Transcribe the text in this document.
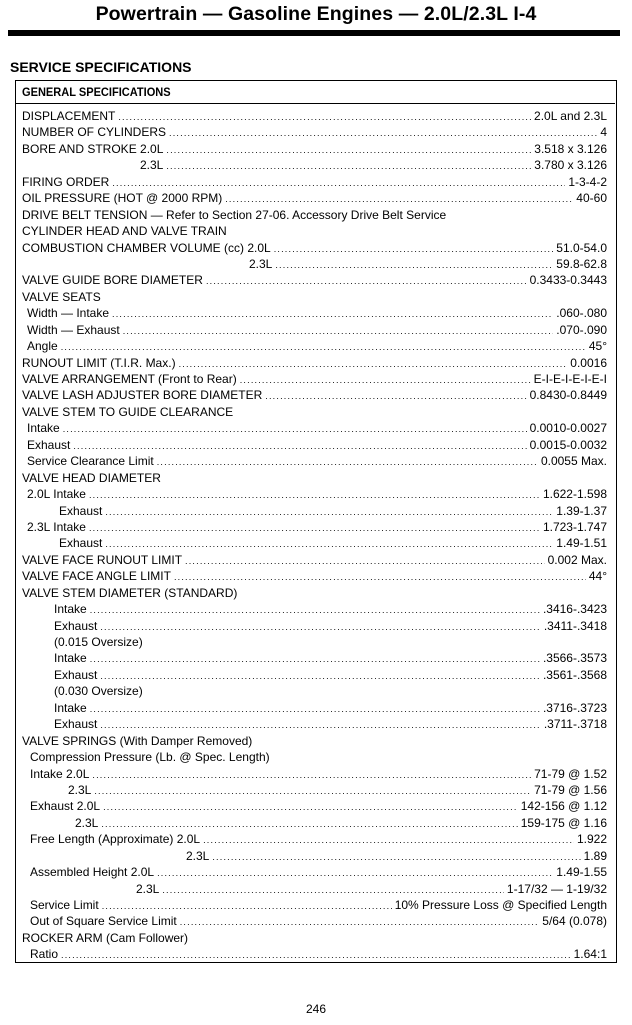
Powertrain — Gasoline Engines — 2.0L/2.3L I-4
SERVICE SPECIFICATIONS
GENERAL SPECIFICATIONS
DISPLACEMENT .....	2.0L and 2.3L
NUMBER OF CYLINDERS .....	4
BORE AND STROKE 2.0L .....	3.518 x 3.126
2.3L .....	3.780 x 3.126
FIRING ORDER .....	1-3-4-2
OIL PRESSURE (HOT @ 2000 RPM) .....	40-60
DRIVE BELT TENSION — Refer to Section 27-06. Accessory Drive Belt Service
CYLINDER HEAD AND VALVE TRAIN
COMBUSTION CHAMBER VOLUME (cc) 2.0L .....	51.0-54.0
2.3L .....	59.8-62.8
VALVE GUIDE BORE DIAMETER .....	0.3433-0.3443
VALVE SEATS
Width — Intake .....	.060-.080
Width — Exhaust .....	.070-.090
Angle .....	45°
RUNOUT LIMIT (T.I.R. Max.) .....	0.0016
VALVE ARRANGEMENT (Front to Rear) .....	E-I-E-I-E-I-E-I
VALVE LASH ADJUSTER BORE DIAMETER .....	0.8430-0.8449
VALVE STEM TO GUIDE CLEARANCE
Intake .....	0.0010-0.0027
Exhaust .....	0.0015-0.0032
Service Clearance Limit .....	0.0055 Max.
VALVE HEAD DIAMETER
2.0L Intake .....	1.622-1.598
Exhaust .....	1.39-1.37
2.3L Intake .....	1.723-1.747
Exhaust .....	1.49-1.51
VALVE FACE RUNOUT LIMIT .....	0.002 Max.
VALVE FACE ANGLE LIMIT .....	44°
VALVE STEM DIAMETER (STANDARD)
Intake .....	.3416-.3423
Exhaust .....	.3411-.3418
(0.015 Oversize)
Intake .....	.3566-.3573
Exhaust .....	.3561-.3568
(0.030 Oversize)
Intake .....	.3716-.3723
Exhaust .....	.3711-.3718
VALVE SPRINGS (With Damper Removed)
Compression Pressure (Lb. @ Spec. Length)
Intake 2.0L .....	71-79 @ 1.52
2.3L .....	71-79 @ 1.56
Exhaust 2.0L .....	142-156 @ 1.12
2.3L .....	159-175 @ 1.16
Free Length (Approximate) 2.0L .....	1.922
2.3L .....	1.89
Assembled Height 2.0L .....	1.49-1.55
2.3L .....	1-17/32 — 1-19/32
Service Limit .....	10% Pressure Loss @ Specified Length
Out of Square Service Limit .....	5/64 (0.078)
ROCKER ARM (Cam Follower)
Ratio .....	1.64:1
246
